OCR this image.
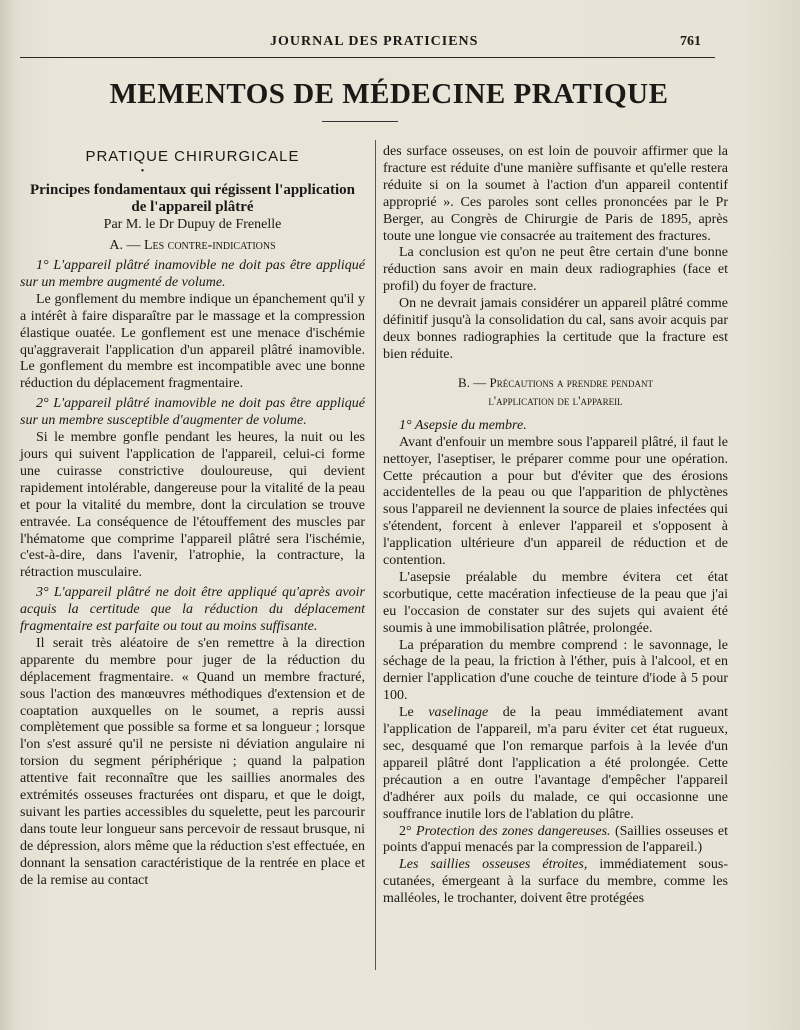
JOURNAL DES PRATICIENS	761
MEMENTOS DE MÉDECINE PRATIQUE
PRATIQUE CHIRURGICALE
•
Principes fondamentaux qui régissent l'application
de l'appareil plâtré
Par M. le Dr Dupuy de Frenelle
A. — Les contre-indications

1° L'appareil plâtré inamovible ne doit pas être appliqué sur un membre augmenté de volume.

Le gonflement du membre indique un épanchement qu'il y a intérêt à faire disparaître par le massage et la compression élastique ouatée. Le gonflement est une menace d'ischémie qu'aggraverait l'application d'un appareil plâtré inamovible. Le gonflement du membre est incompatible avec une bonne réduction du déplacement fragmentaire.

2° L'appareil plâtré inamovible ne doit pas être appliqué sur un membre susceptible d'augmenter de volume.

Si le membre gonfle pendant les heures, la nuit ou les jours qui suivent l'application de l'appareil, celui-ci forme une cuirasse constrictive douloureuse, qui devient rapidement intolérable, dangereuse pour la vitalité de la peau et pour la vitalité du membre, dont la circulation se trouve entravée. La conséquence de l'étouffement des muscles par l'hématome que comprime l'appareil plâtré sera l'ischémie, c'est-à-dire, dans l'avenir, l'atrophie, la contracture, la rétraction musculaire.

3° L'appareil plâtré ne doit être appliqué qu'après avoir acquis la certitude que la réduction du déplacement fragmentaire est parfaite ou tout au moins suffisante.

Il serait très aléatoire de s'en remettre à la direction apparente du membre pour juger de la réduction du déplacement fragmentaire. « Quand un membre fracturé, sous l'action des manœuvres méthodiques d'extension et de coaptation auxquelles on le soumet, a repris aussi complètement que possible sa forme et sa longueur ; lorsque l'on s'est assuré qu'il ne persiste ni déviation angulaire ni torsion du segment périphérique ; quand la palpation attentive fait reconnaître que les saillies anormales des extrémités osseuses fracturées ont disparu, et que le doigt, suivant les parties accessibles du squelette, peut les parcourir dans toute leur longueur sans percevoir de ressaut brusque, ni de dépression, alors même que la réduction s'est effectuée, en donnant la sensation caractéristique de la rentrée en place et de la remise au contact

des surface osseuses, on est loin de pouvoir affirmer que la fracture est réduite d'une manière suffisante et qu'elle restera réduite si on la soumet à l'action d'un appareil contentif approprié ». Ces paroles sont celles prononcées par le Pr Berger, au Congrès de Chirurgie de Paris de 1895, après toute une longue vie consacrée au traitement des fractures.

La conclusion est qu'on ne peut être certain d'une bonne réduction sans avoir en main deux radiographies (face et profil) du foyer de fracture.

On ne devrait jamais considérer un appareil plâtré comme définitif jusqu'à la consolidation du cal, sans avoir acquis par deux bonnes radiographies la certitude que la fracture est bien réduite.

B. — Précautions a prendre pendant
l'application de l'appareil

1° Asepsie du membre.

Avant d'enfouir un membre sous l'appareil plâtré, il faut le nettoyer, l'aseptiser, le préparer comme pour une opération. Cette précaution a pour but d'éviter que des érosions accidentelles de la peau ou que l'apparition de phlyctènes sous l'appareil ne deviennent la source de plaies infectées qui s'étendent, forcent à enlever l'appareil et s'opposent à l'application ultérieure d'un appareil de réduction et de contention.

L'asepsie préalable du membre évitera cet état scorbutique, cette macération infectieuse de la peau que j'ai eu l'occasion de constater sur des sujets qui avaient été soumis à une immobilisation plâtrée, prolongée.

La préparation du membre comprend : le savonnage, le séchage de la peau, la friction à l'éther, puis à l'alcool, et en dernier l'application d'une couche de teinture d'iode à 5 pour 100.

Le vaselinage de la peau immédiatement avant l'application de l'appareil, m'a paru éviter cet état rugueux, sec, desquamé que l'on remarque parfois à la levée d'un appareil plâtré dont l'application a été prolongée. Cette précaution a en outre l'avantage d'empêcher l'appareil d'adhérer aux poils du malade, ce qui occasionne une souffrance inutile lors de l'ablation du plâtre.

2° Protection des zones dangereuses. (Saillies osseuses et points d'appui menacés par la compression de l'appareil.)

Les saillies osseuses étroites, immédiatement sous-cutanées, émergeant à la surface du membre, comme les malléoles, le trochanter, doivent être protégées
